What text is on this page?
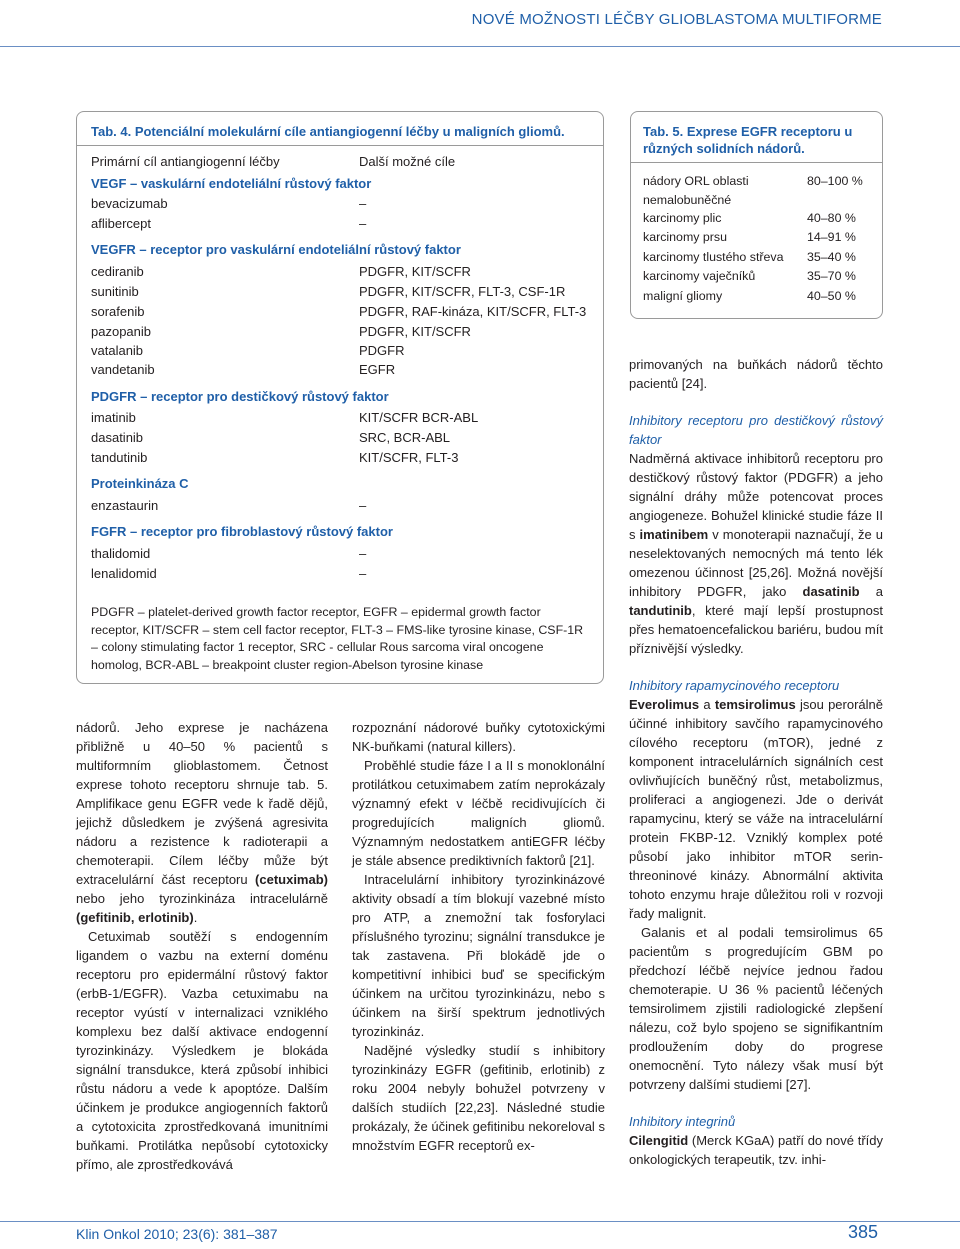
NOVÉ MOŽNOSTI LÉČBY GLIOBLASTOMA MULTIFORME
Tab. 4. Potenciální molekulární cíle antiangiogenní léčby u maligních gliomů.
Primární cíl antiangiogenní léčby	Další možné cíle
VEGF – vaskulární endoteliální růstový faktor
bevacizumab	–
aflibercept	–
VEGFR – receptor pro vaskulární endoteliální růstový faktor
cediranib	PDGFR, KIT/SCFR
sunitinib	PDGFR, KIT/SCFR, FLT-3, CSF-1R
sorafenib	PDGFR, RAF-kináza, KIT/SCFR, FLT-3
pazopanib	PDGFR, KIT/SCFR
vatalanib	PDGFR
vandetanib	EGFR
PDGFR – receptor pro destičkový růstový faktor
imatinib	KIT/SCFR BCR-ABL
dasatinib	SRC, BCR-ABL
tandutinib	KIT/SCFR, FLT-3
Proteinkináza C
enzastaurin	–
FGFR – receptor pro fibroblastový růstový faktor
thalidomid	–
lenalidomid	–
PDGFR – platelet-derived growth factor receptor, EGFR – epidermal growth factor receptor, KIT/SCFR – stem cell factor receptor, FLT-3 – FMS-like tyrosine kinase, CSF-1R – colony stimulating factor 1 receptor, SRC - cellular Rous sarcoma viral oncogene homolog, BCR-ABL – breakpoint cluster region-Abelson tyrosine kinase
Tab. 5. Exprese EGFR receptoru u různých solidních nádorů.
nádory ORL oblasti	80–100 %
nemalobuněčné
karcinomy plic	40–80 %
karcinomy prsu	14–91 %
karcinomy tlustého střeva 35–40 %
karcinomy vaječníků	35–70 %
maligní gliomy	40–50 %

nádorů. Jeho exprese je nacházena přibližně u 40–50 % pacientů s multiformním glioblastomem. Četnost exprese tohoto receptoru shrnuje tab. 5. Amplifikace genu EGFR vede k řadě dějů, jejichž důsledkem je zvýšená agresivita nádoru a rezistence k radioterapii a chemoterapii. Cílem léčby může být extracelulární část receptoru (cetuximab) nebo jeho tyrozinkináza intracelulárně (gefitinib, erlotinib).

Cetuximab soutěží s endogenním ligandem o vazbu na externí doménu receptoru pro epidermální růstový faktor (erbB-1/EGFR). Vazba cetuximabu na receptor vyústí v internalizaci vzniklého komplexu bez další aktivace endogenní tyrozinkinázy. Výsledkem je blokáda signální transdukce, která způsobí inhibici růstu nádoru a vede k apoptóze. Dalším účinkem je produkce angiogenních faktorů a cytotoxicita zprostředkovaná imunitními buňkami. Protilátka nepůsobí cytotoxicky přímo, ale zprostředkovává

rozpoznání nádorové buňky cytotoxickými NK-buňkami (natural killers).

Proběhlé studie fáze I a II s monoklonální protilátkou cetuximabem zatím neprokázaly významný efekt v léčbě recidivujících či progredujících maligních gliomů. Významným nedostatkem antiEGFR léčby je stále absence prediktivních faktorů [21].

Intracelulární inhibitory tyrozinkinázové aktivity obsadí a tím blokují vazebné místo pro ATP, a znemožní tak fosforylaci příslušného tyrozinu; signální transdukce je tak zastavena. Při blokádě jde o kompetitivní inhibici buď se specifickým účinkem na určitou tyrozinkinázu, nebo s účinkem na širší spektrum jednotlivých tyrozinkináz.

Nadějné výsledky studií s inhibitory tyrozinkinázy EGFR (gefitinib, erlotinib) z roku 2004 nebyly bohužel potvrzeny v dalších studiích [22,23]. Následné studie prokázaly, že účinek gefitinibu nekoreloval s množstvím EGFR receptorů ex-

primovaných na buňkách nádorů těchto pacientů [24].

Inhibitory receptoru pro destičkový růstový faktor

Nadměrná aktivace inhibitorů receptoru pro destičkový růstový faktor (PDGFR) a jeho signální dráhy může potencovat proces angiogeneze. Bohužel klinické studie fáze II s imatinibem v monoterapii naznačují, že u neselektovaných nemocných má tento lék omezenou účinnost [25,26]. Možná novější inhibitory PDGFR, jako dasatinib a tandutinib, které mají lepší prostupnost přes hematoencefalickou bariéru, budou mít příznivější výsledky.

Inhibitory rapamycinového receptoru

Everolimus a temsirolimus jsou perorálně účinné inhibitory savčího rapamycinového cílového receptoru (mTOR), jedné z komponent intracelulárních signálních cest ovlivňujících buněčný růst, metabolizmus, proliferaci a angiogenezi. Jde o derivát rapamycinu, který se váže na intracelulární protein FKBP-12. Vzniklý komplex poté působí jako inhibitor mTOR serin-threoninové kinázy. Abnormální aktivita tohoto enzymu hraje důležitou roli v rozvoji řady malignit.

Galanis et al podali temsirolimus 65 pacientům s progredujícím GBM po předchozí léčbě nejvíce jednou řadou chemoterapie. U 36 % pacientů léčených temsirolimem zjistili radiologické zlepšení nálezu, což bylo spojeno se signifikantním prodloužením doby do progrese onemocnění. Tyto nálezy však musí být potvrzeny dalšími studiemi [27].

Inhibitory integrinů

Cilengitid (Merck KGaA) patří do nové třídy onkologických terapeutik, tzv. inhi-

Klin Onkol 2010; 23(6): 381–387	385
